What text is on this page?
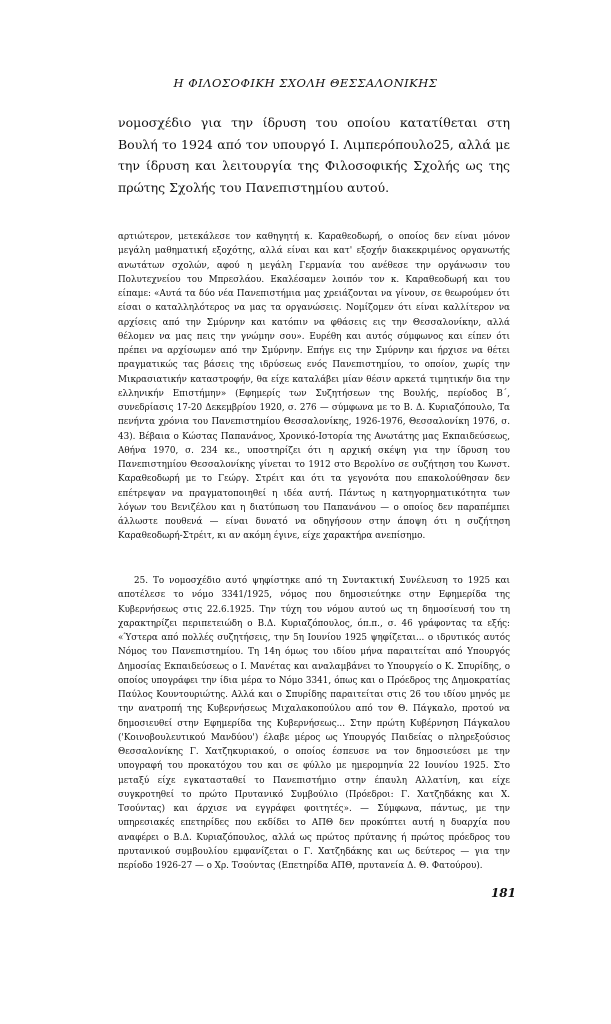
Η ΦΙΛΟΣΟΦΙΚΗ ΣΧΟΛΗ ΘΕΣΣΑΛΟΝΙΚΗΣ

νομοσχέδιο για την ίδρυση του οποίου κατατίθεται στη Βουλή το 1924 από τον υπουργό Ι. Λιμπερόπουλο25, αλλά με την ίδρυση και λειτουργία της Φιλοσοφικής Σχολής ως της πρώτης Σχολής του Πανεπιστημίου αυτού.

αρτιώτερον, μετεκάλεσε τον καθηγητή κ. Καραθεοδωρή, ο οποίος δεν είναι μόνον μεγάλη μαθηματική εξοχότης, αλλά είναι και κατ' εξοχήν διακεκριμένος οργανωτής ανωτάτων σχολών, αφού η μεγάλη Γερμανία του ανέθεσε την οργάνωσιν του Πολυτεχνείου του Μπρεσλάου. Εκαλέσαμεν λοιπόν τον κ. Καραθεοδωρή και του είπαμε: «Αυτά τα δύο νέα Πανεπιστήμια μας χρειάζονται να γίνουν, σε θεωρούμεν ότι είσαι ο καταλληλότερος να μας τα οργανώσεις. Νομίζομεν ότι είναι καλλίτερον να αρχίσεις από την Σμύρνην και κατόπιν να φθάσεις εις την Θεσσαλονίκην, αλλά θέλομεν να μας πεις την γνώμην σου». Ευρέθη και αυτός σύμφωνος και είπεν ότι πρέπει να αρχίσωμεν από την Σμύρνην. Επήγε εις την Σμύρνην και ήρχισε να θέτει πραγματικώς τας βάσεις της ιδρύσεως ενός Πανεπιστημίου, το οποίον, χωρίς την Μικρασιατικήν καταστροφήν, θα είχε καταλάβει μίαν θέσιν αρκετά τιμητικήν δια την ελληνικήν Επιστήμην» (Εφημερίς των Συζητήσεων της Βουλής, περίοδος Β΄, συνεδρίασις 17-20 Δεκεμβρίου 1920, σ. 276 — σύμφωνα με το Β. Δ. Κυριαζόπουλο, Τα πενήντα χρόνια του Πανεπιστημίου Θεσσαλονίκης, 1926-1976, Θεσσαλονίκη 1976, σ. 43). Βέβαια ο Κώστας Παπανάνος, Χρονικό-Ιστορία της Ανωτάτης μας Εκπαιδεύσεως, Αθήνα 1970, σ. 234 κε., υποστηρίζει ότι η αρχική σκέψη για την ίδρυση του Πανεπιστημίου Θεσσαλονίκης γίνεται το 1912 στο Βερολίνο σε συζήτηση του Κωνστ. Καραθεοδωρή με το Γεώργ. Στρέιτ και ότι τα γεγονότα που επακολούθησαν δεν επέτρεψαν να πραγματοποιηθεί η ιδέα αυτή. Πάντως η κατηγορηματικότητα των λόγων του Βενιζέλου και η διατύπωση του Παπανάνου — ο οποίος δεν παραπέμπει άλλωστε πουθενά — είναι δυνατό να οδηγήσουν στην άποψη ότι η συζήτηση Καραθεοδωρή-Στρέιτ, κι αν ακόμη έγινε, είχε χαρακτήρα ανεπίσημο.

25. Το νομοσχέδιο αυτό ψηφίστηκε από τη Συντακτική Συνέλευση το 1925 και αποτέλεσε το νόμο 3341/1925, νόμος που δημοσιεύτηκε στην Εφημερίδα της Κυβερνήσεως στις 22.6.1925. Την τύχη του νόμου αυτού ως τη δημοσίευσή του τη χαρακτηρίζει περιπετειώδη ο Β.Δ. Κυριαζόπουλος, όπ.π., σ. 46 γράφοντας τα εξής: «Ύστερα από πολλές συζητήσεις, την 5η Ιουνίου 1925 ψηφίζεται... ο ιδρυτικός αυτός Νόμος του Πανεπιστημίου. Τη 14η όμως του ιδίου μήνα παραιτείται από Υπουργός Δημοσίας Εκπαιδεύσεως ο Ι. Μανέτας και αναλαμβάνει το Υπουργείο ο Κ. Σπυρίδης, ο οποίος υπογράφει την ίδια μέρα το Νόμο 3341, όπως και ο Πρόεδρος της Δημοκρατίας Παύλος Κουντουριώτης. Αλλά και ο Σπυρίδης παραιτείται στις 26 του ιδίου μηνός με την ανατροπή της Κυβερνήσεως Μιχαλακοπούλου από τον Θ. Πάγκαλο, προτού να δημοσιευθεί στην Εφημερίδα της Κυβερνήσεως... Στην πρώτη Κυβέρνηση Πάγκαλου ('Κοινοβουλευτικού Μανδύου') έλαβε μέρος ως Υπουργός Παιδείας ο πληρεξούσιος Θεσσαλονίκης Γ. Χατζηκυριακού, ο οποίος έσπευσε να τον δημοσιεύσει με την υπογραφή του προκατόχου του και σε φύλλο με ημερομηνία 22 Ιουνίου 1925. Στο μεταξύ είχε εγκατασταθεί το Πανεπιστήμιο στην έπαυλη Αλλατίνη, και είχε συγκροτηθεί το πρώτο Πρυτανικό Συμβούλιο (Πρόεδροι: Γ. Χατζηδάκης και Χ. Τσούντας) και άρχισε να εγγράφει φοιτητές». — Σύμφωνα, πάντως, με την υπηρεσιακές επετηρίδες που εκδίδει το ΑΠΘ δεν προκύπτει αυτή η δυαρχία που αναφέρει ο Β.Δ. Κυριαζόπουλος, αλλά ως πρώτος πρύτανης ή πρώτος πρόεδρος του πρυτανικού συμβουλίου εμφανίζεται ο Γ. Χατζηδάκης και ως δεύτερος — για την περίοδο 1926-27 — ο Χρ. Τσούντας (Επετηρίδα ΑΠΘ, πρυτανεία Δ. Θ. Φατούρου).

181
